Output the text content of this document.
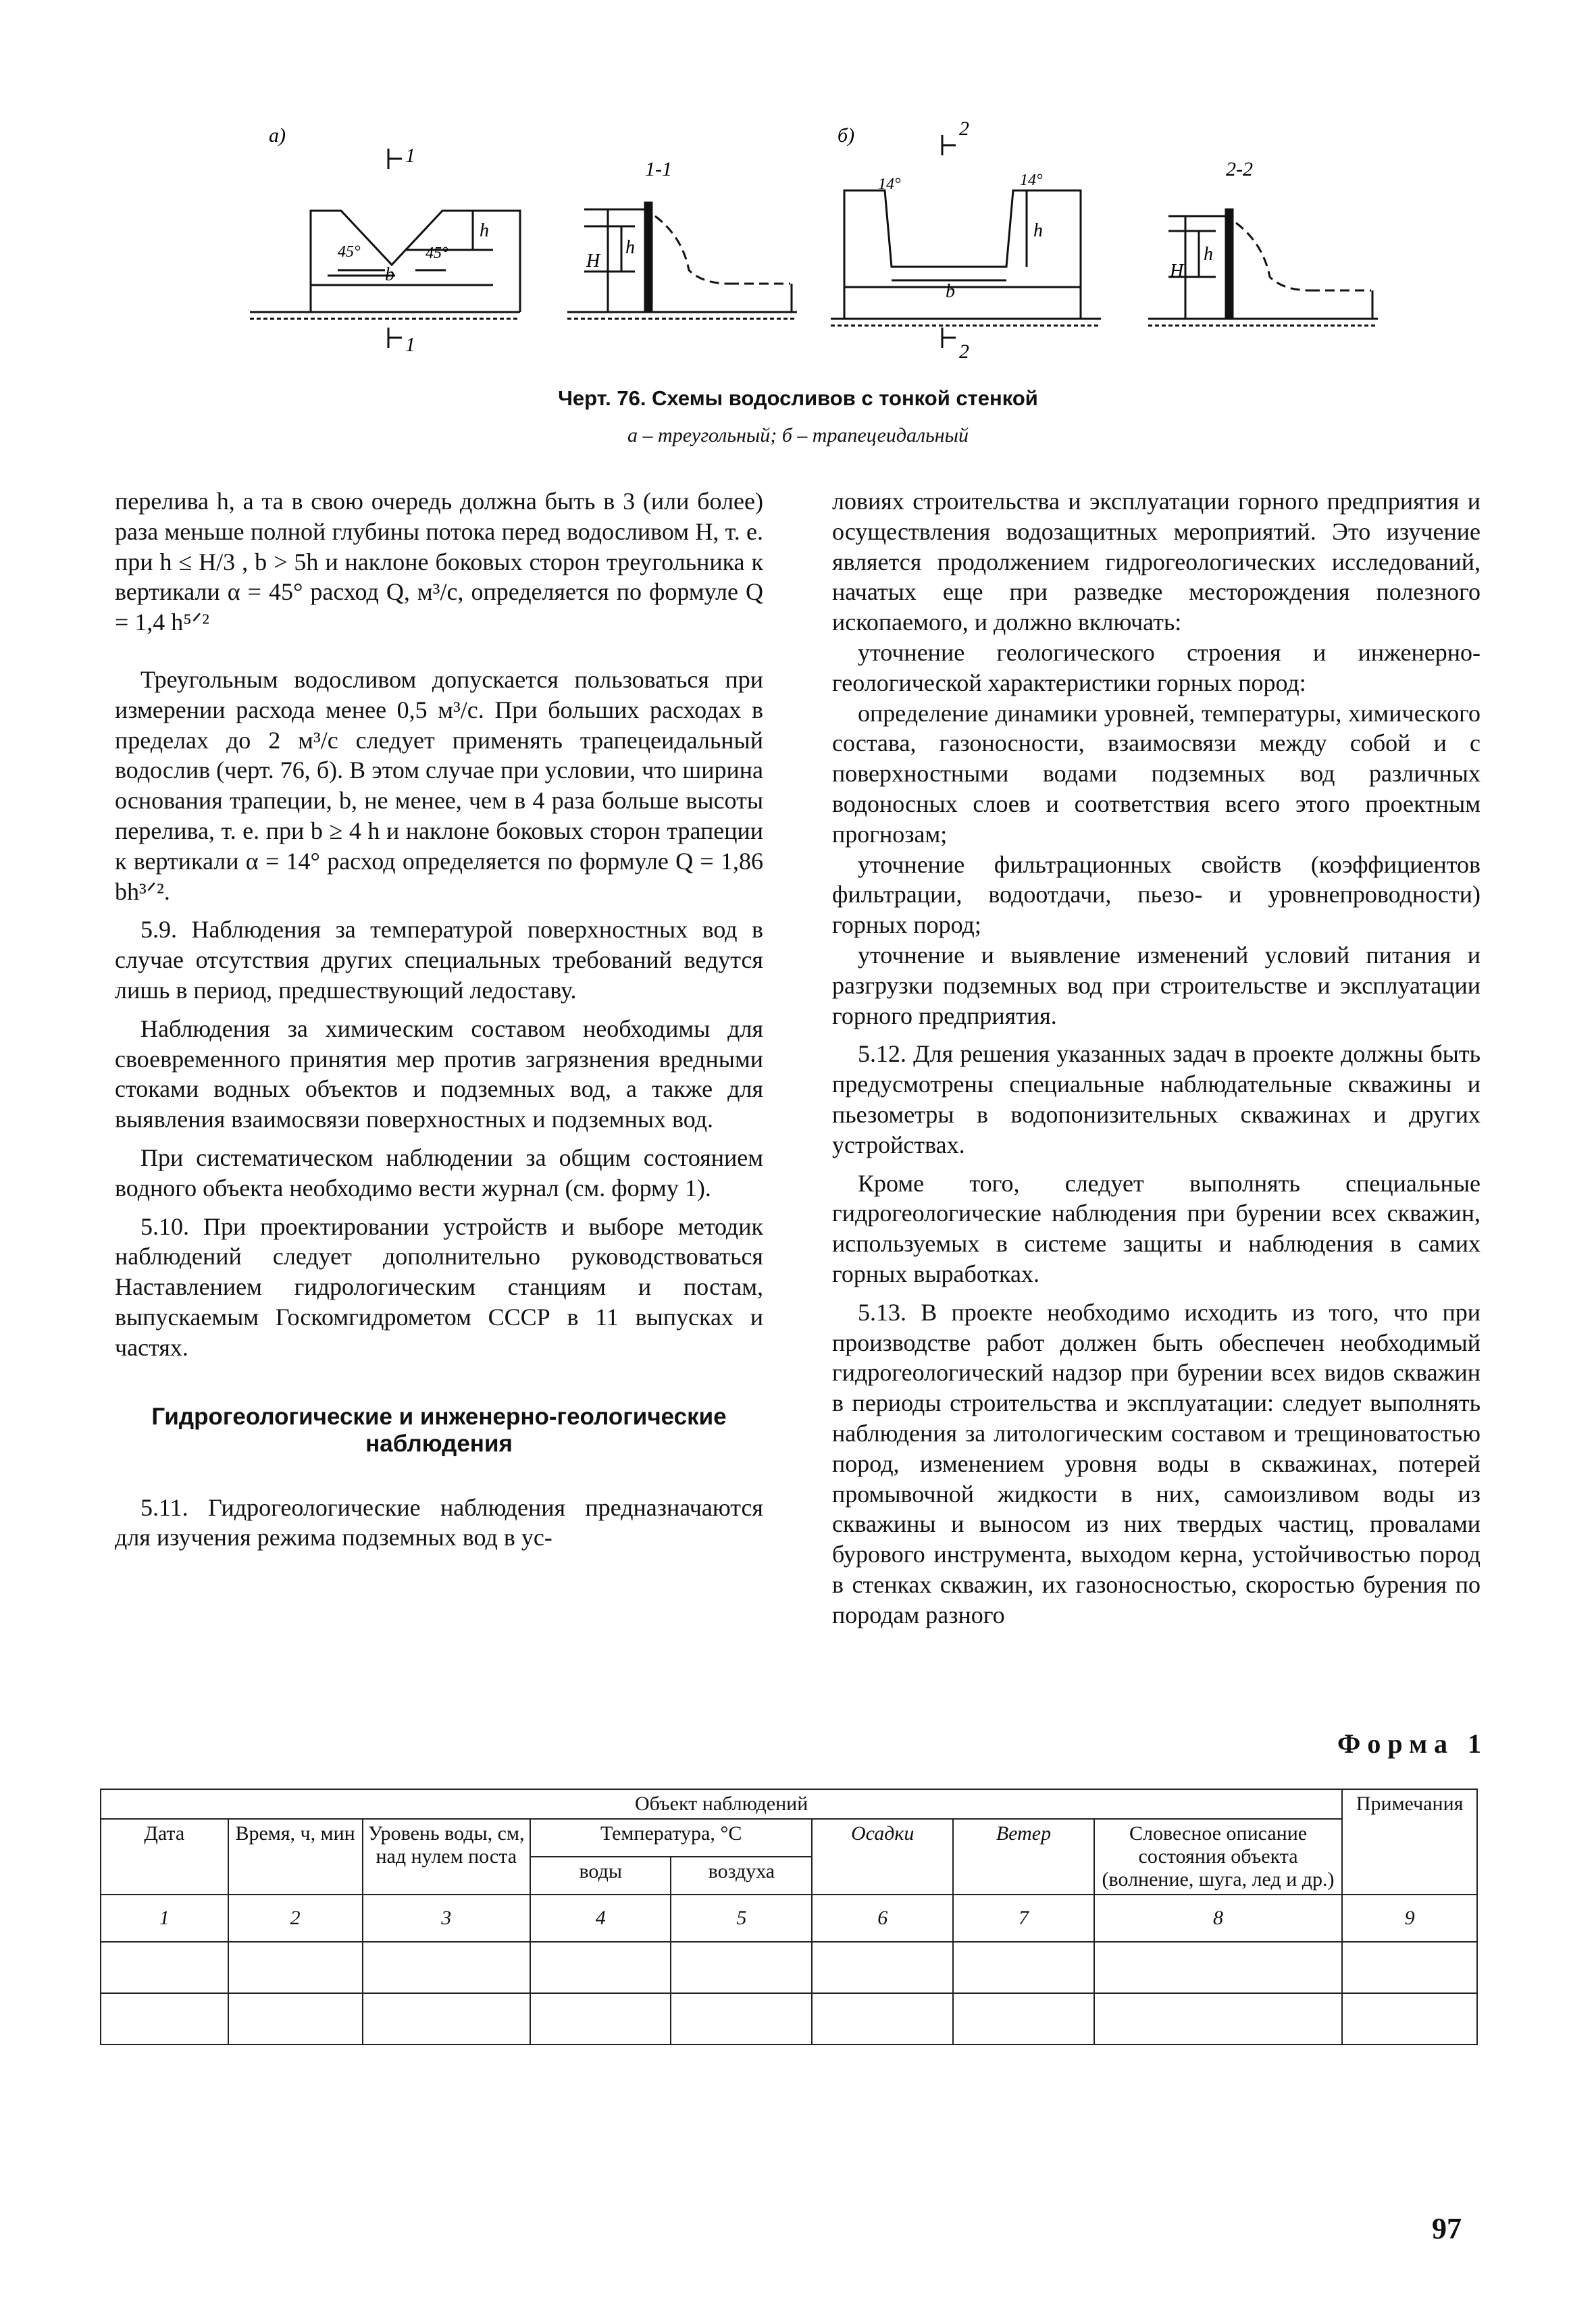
а)
1
45°	45°
b
h
1
1-1
H
h
б)	2
14°	14°
h
b
2
2-2
H
h
Черт. 76. Схемы водосливов с тонкой стенкой
а – треугольный; б – трапецеидальный

перелива h, а та в свою очередь должна быть в 3 (или более) раза меньше полной глубины потока перед водосливом H, т. е. при h ≤ H/3 , b > 5h и наклоне боковых сторон треугольника к вертикали α = 45° расход Q, м³/с, определяется по формуле Q = 1,4 h⁵ᐟ²

Треугольным водосливом допускается пользоваться при измерении расхода менее 0,5 м³/с. При больших расходах в пределах до 2 м³/с следует применять трапецеидальный водослив (черт. 76, б). В этом случае при условии, что ширина основания трапеции, b, не менее, чем в 4 раза больше высоты перелива, т. е. при b ≥ 4 h и наклоне боковых сторон трапеции к вертикали α = 14° расход определяется по формуле Q = 1,86 bh³ᐟ².

5.9. Наблюдения за температурой поверхностных вод в случае отсутствия других специальных требований ведутся лишь в период, предшествующий ледоставу.

Наблюдения за химическим составом необходимы для своевременного принятия мер против загрязнения вредными стоками водных объектов и подземных вод, а также для выявления взаимосвязи поверхностных и подземных вод.

При систематическом наблюдении за общим состоянием водного объекта необходимо вести журнал (см. форму 1).

5.10. При проектировании устройств и выборе методик наблюдений следует дополнительно руководствоваться Наставлением гидрологическим станциям и постам, выпускаемым Госкомгидрометом СССР в 11 выпусках и частях.

Гидрогеологические и инженерно-геологические наблюдения

5.11. Гидрогеологические наблюдения предназначаются для изучения режима подземных вод в ус-

ловиях строительства и эксплуатации горного предприятия и осуществления водозащитных мероприятий. Это изучение является продолжением гидрогеологических исследований, начатых еще при разведке месторождения полезного ископаемого, и должно включать:

уточнение геологического строения и инженерно-геологической характеристики горных пород:

определение динамики уровней, температуры, химического состава, газоносности, взаимосвязи между собой и с поверхностными водами подземных вод различных водоносных слоев и соответствия всего этого проектным прогнозам;

уточнение фильтрационных свойств (коэффициентов фильтрации, водоотдачи, пьезо- и уровнепроводности) горных пород;

уточнение и выявление изменений условий питания и разгрузки подземных вод при строительстве и эксплуатации горного предприятия.

5.12. Для решения указанных задач в проекте должны быть предусмотрены специальные наблюдательные скважины и пьезометры в водопонизительных скважинах и других устройствах.

Кроме того, следует выполнять специальные гидрогеологические наблюдения при бурении всех скважин, используемых в системе защиты и наблюдения в самих горных выработках.

5.13. В проекте необходимо исходить из того, что при производстве работ должен быть обеспечен необходимый гидрогеологический надзор при бурении всех видов скважин в периоды строительства и эксплуатации: следует выполнять наблюдения за литологическим составом и трещиноватостью пород, изменением уровня воды в скважинах, потерей промывочной жидкости в них, самоизливом воды из скважины и выносом из них твердых частиц, провалами бурового инструмента, выходом керна, устойчивостью пород в стенках скважин, их газоносностью, скоростью бурения по породам разного

Форма 1
Объект наблюдений								Примечания
Дата	Время, ч, мин	Уровень воды, см, над нулем поста	Температура, °С		Осадки	Ветер	Словесное описание состояния объекта (волнение, шуга, лед и др.)	
			воды	воздуха				
1	2	3	4	5	6	7	8	9

97
